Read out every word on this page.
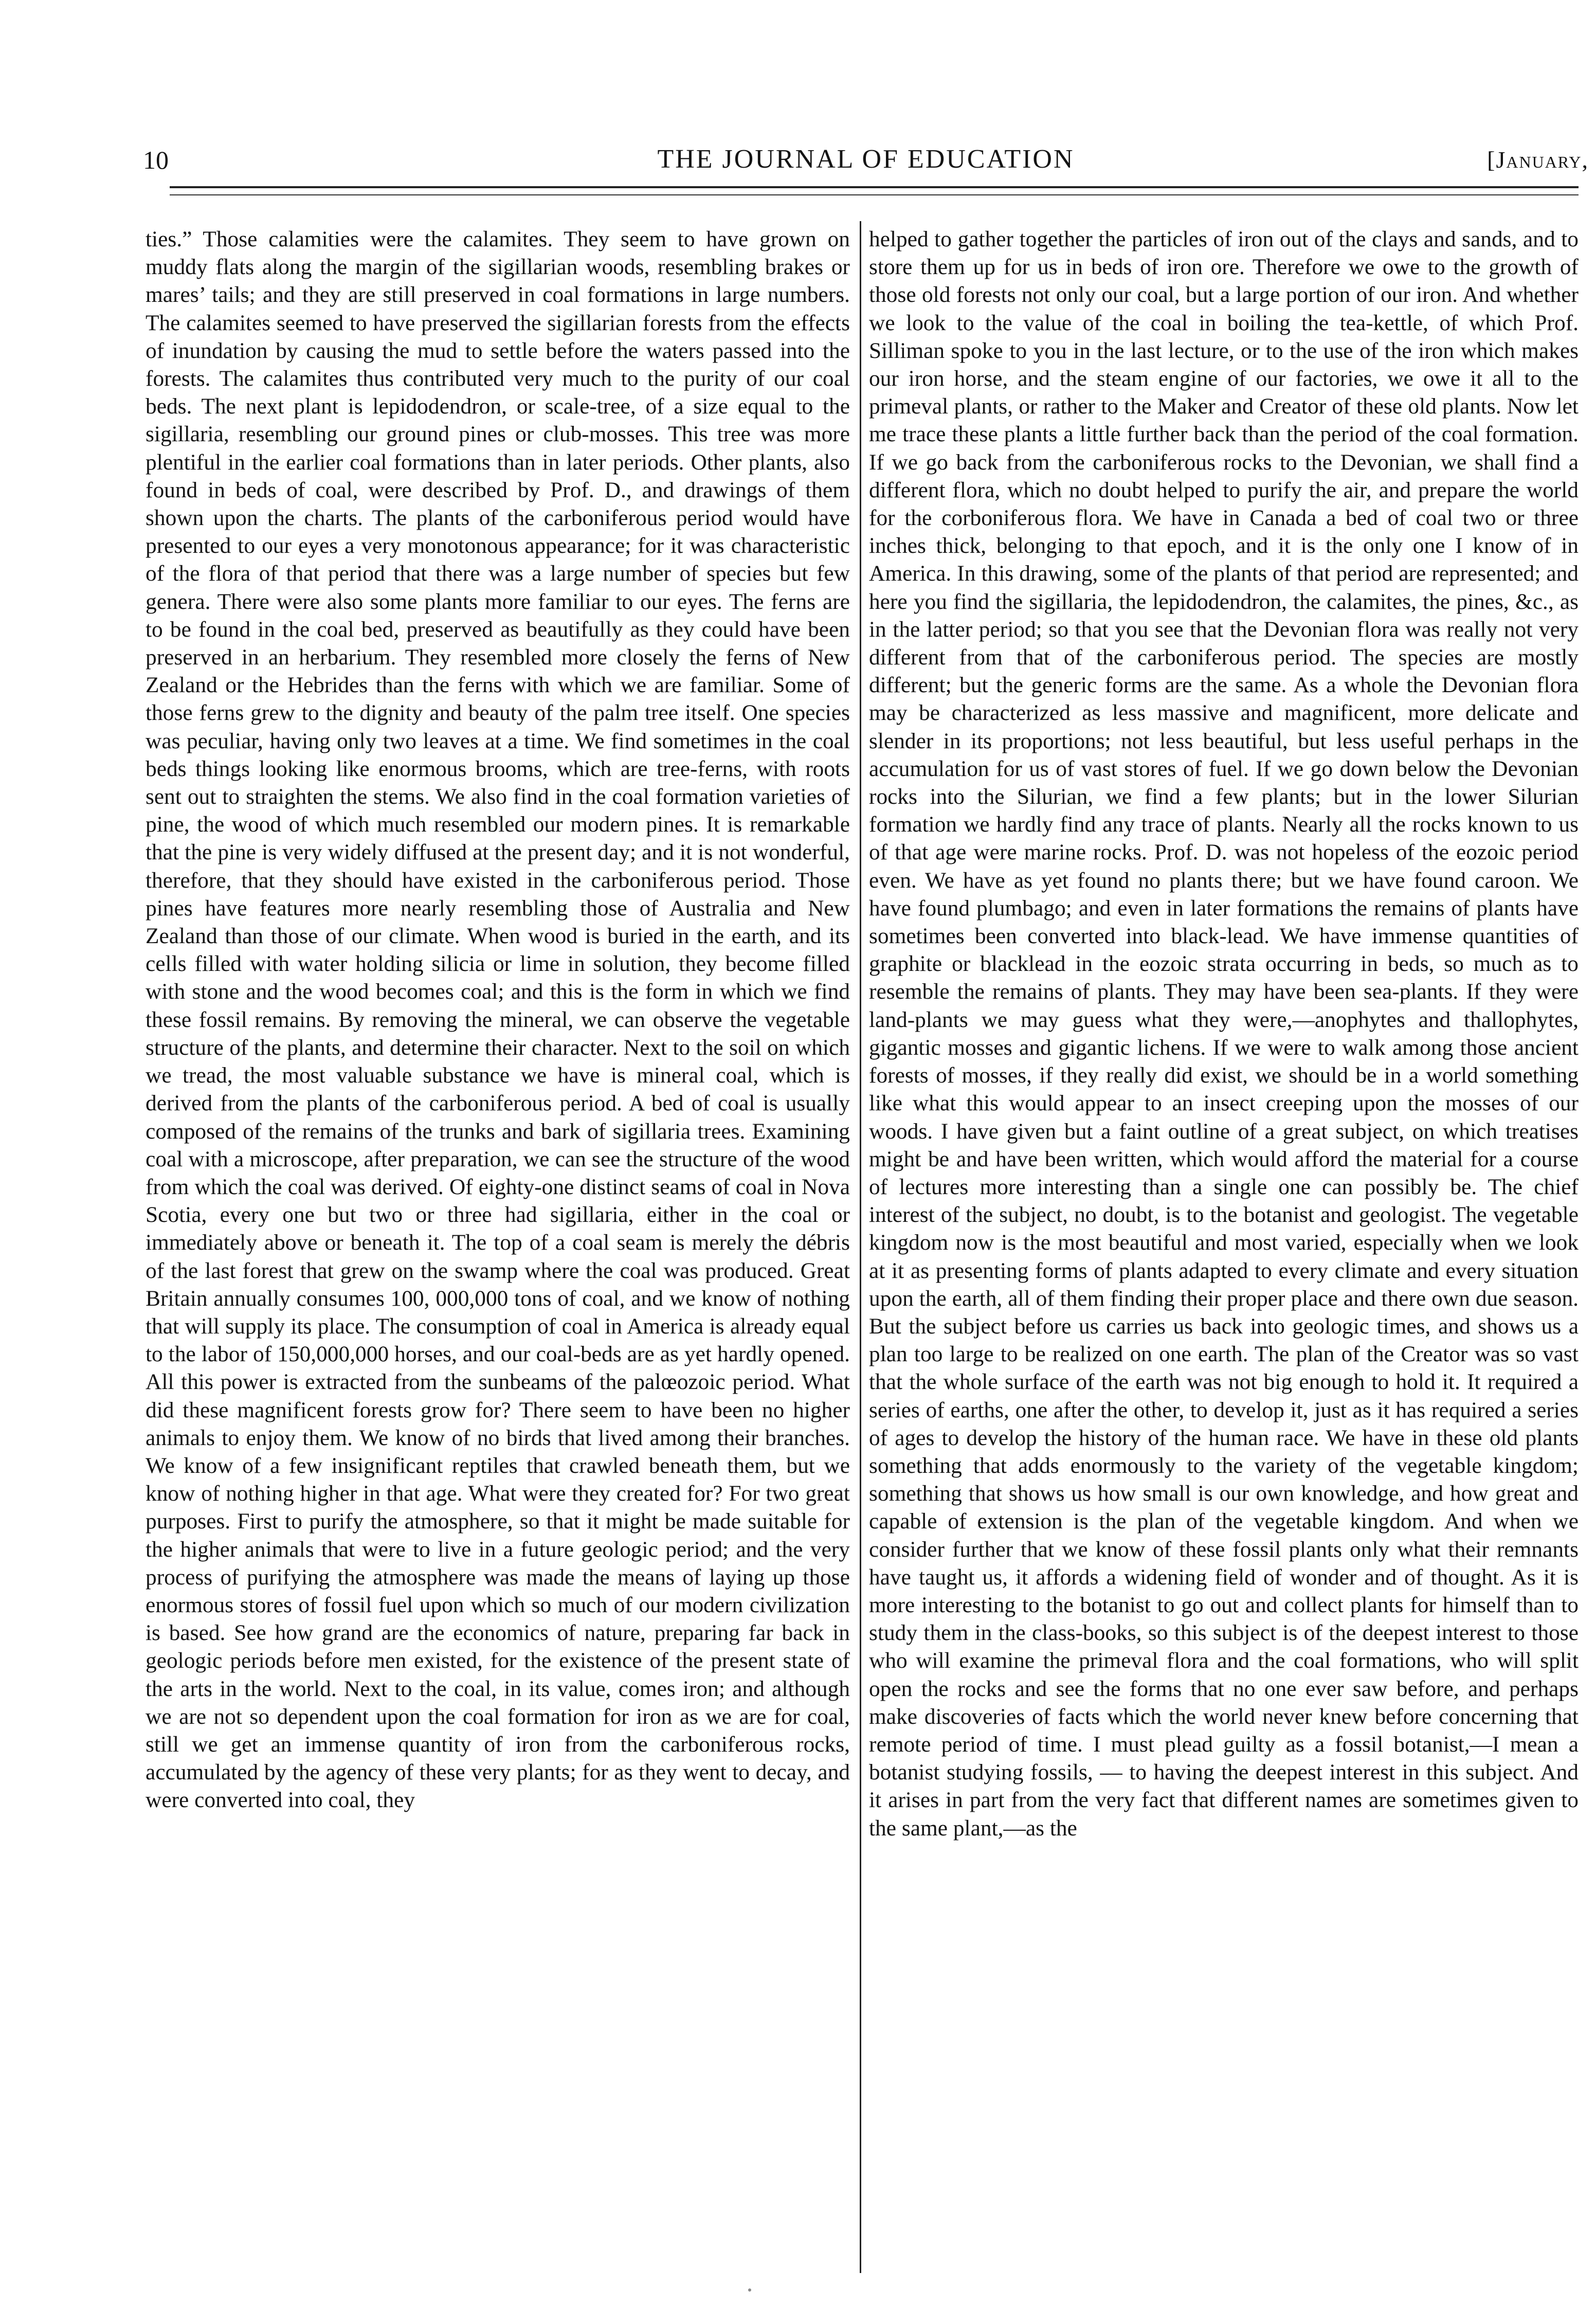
10	THE JOURNAL OF EDUCATION	[January,

ties.” Those calamities were the calamites. They seem to have grown on muddy flats along the margin of the sigillarian woods, resembling brakes or mares’ tails; and they are still preserved in coal formations in large numbers. The calamites seemed to have preserved the sigillarian forests from the effects of inundation by causing the mud to settle before the waters passed into the forests. The calamites thus contributed very much to the purity of our coal beds. The next plant is lepidodendron, or scale-tree, of a size equal to the sigillaria, resembling our ground pines or club-mosses. This tree was more plentiful in the earlier coal formations than in later periods. Other plants, also found in beds of coal, were described by Prof. D., and drawings of them shown upon the charts. The plants of the carboniferous period would have presented to our eyes a very monotonous appearance; for it was characteristic of the flora of that period that there was a large number of species but few genera. There were also some plants more familiar to our eyes. The ferns are to be found in the coal bed, preserved as beautifully as they could have been preserved in an herbarium. They resembled more closely the ferns of New Zealand or the Hebrides than the ferns with which we are familiar. Some of those ferns grew to the dignity and beauty of the palm tree itself. One species was peculiar, having only two leaves at a time. We find sometimes in the coal beds things looking like enormous brooms, which are tree-ferns, with roots sent out to straighten the stems. We also find in the coal formation varieties of pine, the wood of which much resembled our modern pines. It is remarkable that the pine is very widely diffused at the present day; and it is not wonderful, therefore, that they should have existed in the carboniferous period. Those pines have features more nearly resembling those of Australia and New Zealand than those of our climate. When wood is buried in the earth, and its cells filled with water holding silicia or lime in solution, they become filled with stone and the wood becomes coal; and this is the form in which we find these fossil remains. By removing the mineral, we can observe the vegetable structure of the plants, and determine their character. Next to the soil on which we tread, the most valuable substance we have is mineral coal, which is derived from the plants of the carboniferous period. A bed of coal is usually composed of the remains of the trunks and bark of sigillaria trees. Examining coal with a microscope, after preparation, we can see the structure of the wood from which the coal was derived. Of eighty-one distinct seams of coal in Nova Scotia, every one but two or three had sigillaria, either in the coal or immediately above or beneath it. The top of a coal seam is merely the débris of the last forest that grew on the swamp where the coal was produced. Great Britain annually consumes 100, 000,000 tons of coal, and we know of nothing that will supply its place. The consumption of coal in America is already equal to the labor of 150,000,000 horses, and our coal-beds are as yet hardly opened. All this power is extracted from the sunbeams of the palœozoic period. What did these magnificent forests grow for? There seem to have been no higher animals to enjoy them. We know of no birds that lived among their branches. We know of a few insignificant reptiles that crawled beneath them, but we know of nothing higher in that age. What were they created for? For two great purposes. First to purify the atmosphere, so that it might be made suitable for the higher animals that were to live in a future geologic period; and the very process of purifying the atmosphere was made the means of laying up those enormous stores of fossil fuel upon which so much of our modern civilization is based. See how grand are the economics of nature, preparing far back in geologic periods before men existed, for the existence of the present state of the arts in the world. Next to the coal, in its value, comes iron; and although we are not so dependent upon the coal formation for iron as we are for coal, still we get an immense quantity of iron from the carboniferous rocks, accumulated by the agency of these very plants; for as they went to decay, and were converted into coal, they

helped to gather together the particles of iron out of the clays and sands, and to store them up for us in beds of iron ore. Therefore we owe to the growth of those old forests not only our coal, but a large portion of our iron. And whether we look to the value of the coal in boiling the tea-kettle, of which Prof. Silliman spoke to you in the last lecture, or to the use of the iron which makes our iron horse, and the steam engine of our factories, we owe it all to the primeval plants, or rather to the Maker and Creator of these old plants. Now let me trace these plants a little further back than the period of the coal formation. If we go back from the carboniferous rocks to the Devonian, we shall find a different flora, which no doubt helped to purify the air, and prepare the world for the corboniferous flora. We have in Canada a bed of coal two or three inches thick, belonging to that epoch, and it is the only one I know of in America. In this drawing, some of the plants of that period are represented; and here you find the sigillaria, the lepidodendron, the calamites, the pines, &c., as in the latter period; so that you see that the Devonian flora was really not very different from that of the carboniferous period. The species are mostly different; but the generic forms are the same. As a whole the Devonian flora may be characterized as less massive and magnificent, more delicate and slender in its proportions; not less beautiful, but less useful perhaps in the accumulation for us of vast stores of fuel. If we go down below the Devonian rocks into the Silurian, we find a few plants; but in the lower Silurian formation we hardly find any trace of plants. Nearly all the rocks known to us of that age were marine rocks. Prof. D. was not hopeless of the eozoic period even. We have as yet found no plants there; but we have found caroon. We have found plumbago; and even in later formations the remains of plants have sometimes been converted into black-lead. We have immense quantities of graphite or blacklead in the eozoic strata occurring in beds, so much as to resemble the remains of plants. They may have been sea-plants. If they were land-plants we may guess what they were,—anophytes and thallophytes, gigantic mosses and gigantic lichens. If we were to walk among those ancient forests of mosses, if they really did exist, we should be in a world something like what this would appear to an insect creeping upon the mosses of our woods. I have given but a faint outline of a great subject, on which treatises might be and have been written, which would afford the material for a course of lectures more interesting than a single one can possibly be. The chief interest of the subject, no doubt, is to the botanist and geologist. The vegetable kingdom now is the most beautiful and most varied, especially when we look at it as presenting forms of plants adapted to every climate and every situation upon the earth, all of them finding their proper place and there own due season. But the subject before us carries us back into geologic times, and shows us a plan too large to be realized on one earth. The plan of the Creator was so vast that the whole surface of the earth was not big enough to hold it. It required a series of earths, one after the other, to develop it, just as it has required a series of ages to develop the history of the human race. We have in these old plants something that adds enormously to the variety of the vegetable kingdom; something that shows us how small is our own knowledge, and how great and capable of extension is the plan of the vegetable kingdom. And when we consider further that we know of these fossil plants only what their remnants have taught us, it affords a widening field of wonder and of thought. As it is more interesting to the botanist to go out and collect plants for himself than to study them in the class-books, so this subject is of the deepest interest to those who will examine the primeval flora and the coal formations, who will split open the rocks and see the forms that no one ever saw before, and perhaps make discoveries of facts which the world never knew before concerning that remote period of time. I must plead guilty as a fossil botanist,—I mean a botanist studying fossils, — to having the deepest interest in this subject. And it arises in part from the very fact that different names are sometimes given to the same plant,—as the
